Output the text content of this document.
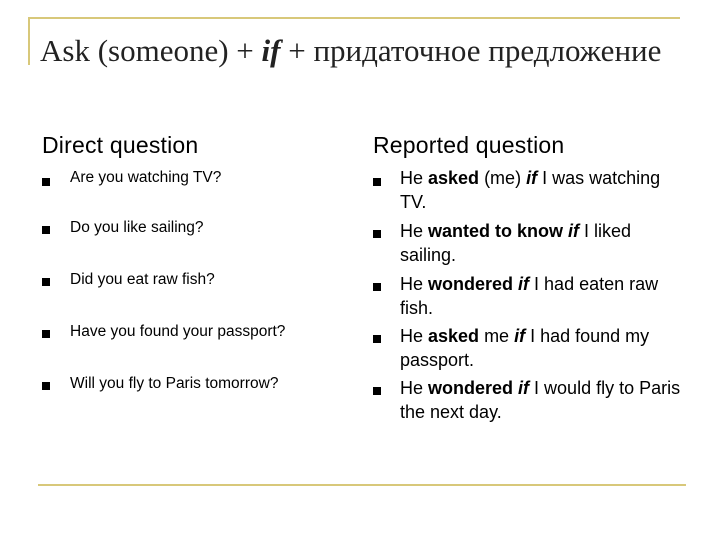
Ask (someone) + if + придаточное предложение
Direct question	Reported question
Are you watching TV?
Do you like sailing?
Did you eat raw fish?
Have you found your passport?
Will you fly to Paris tomorrow?
He asked (me) if I was watching TV.
He wanted to know if I liked sailing.
He wondered if I had eaten raw fish.
He asked me if I had found my passport.
He wondered if I would fly to Paris the next day.
